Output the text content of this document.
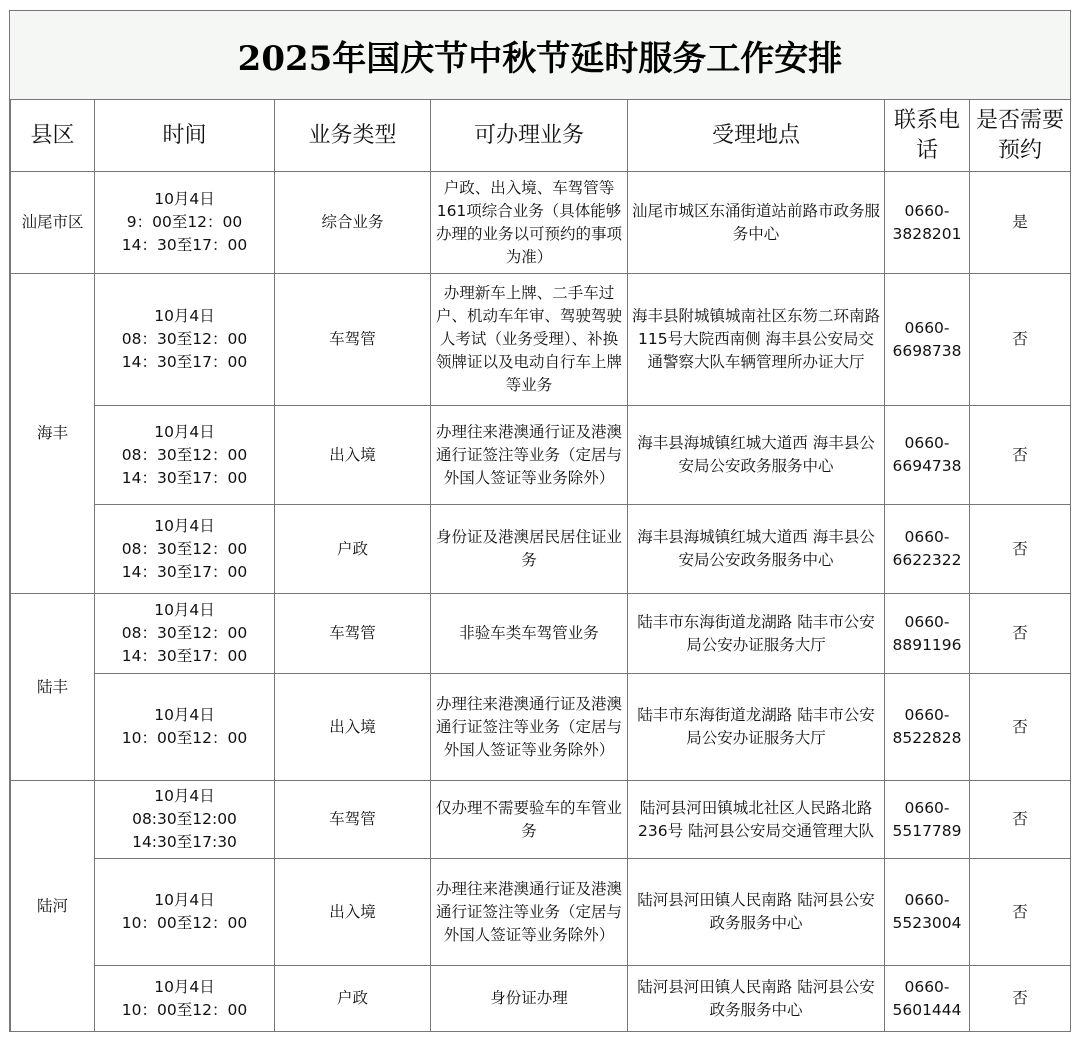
2025年国庆节中秋节延时服务工作安排
县区	时间	业务类型	可办理业务	受理地点	联系电话	是否需要预约
汕尾市区	10月4日
9：00至12：00
14：30至17：00	综合业务	户政、出入境、车驾管等161项综合业务（具体能够办理的业务以可预约的事项为准）	汕尾市城区东涌街道站前路市政务服务中心	0660-3828201	是
海丰	10月4日
08：30至12：00
14：30至17：00	车驾管	办理新车上牌、二手车过户、机动车年审、驾驶驾驶人考试（业务受理）、补换领牌证以及电动自行车上牌等业务	海丰县附城镇城南社区东笏二环南路115号大院西南侧 海丰县公安局交通警察大队车辆管理所办证大厅	0660-6698738	否

	10月4日
08：30至12：00
14：30至17：00	出入境	办理往来港澳通行证及港澳通行证签注等业务（定居与外国人签证等业务除外）	海丰县海城镇红城大道西 海丰县公安局公安政务服务中心	0660-6694738	否

	10月4日
08：30至12：00
14：30至17：00	户政	身份证及港澳居民居住证业务	海丰县海城镇红城大道西 海丰县公安局公安政务服务中心	0660-6622322	否
陆丰	10月4日
08：30至12：00
14：30至17：00	车驾管	非验车类车驾管业务	陆丰市东海街道龙湖路 陆丰市公安局公安办证服务大厅	0660-8891196	否

	10月4日
10：00至12：00	出入境	办理往来港澳通行证及港澳通行证签注等业务（定居与外国人签证等业务除外）	陆丰市东海街道龙湖路 陆丰市公安局公安办证服务大厅	0660-8522828	否
陆河	10月4日
08:30至12:00
14:30至17:30	车驾管	仅办理不需要验车的车管业务	陆河县河田镇城北社区人民路北路236号 陆河县公安局交通管理大队	0660-5517789	否

	10月4日
10：00至12：00	出入境	办理往来港澳通行证及港澳通行证签注等业务（定居与外国人签证等业务除外）	陆河县河田镇人民南路 陆河县公安政务服务中心	0660-5523004	否

	10月4日
10：00至12：00	户政	身份证办理	陆河县河田镇人民南路 陆河县公安政务服务中心	0660-5601444	否
